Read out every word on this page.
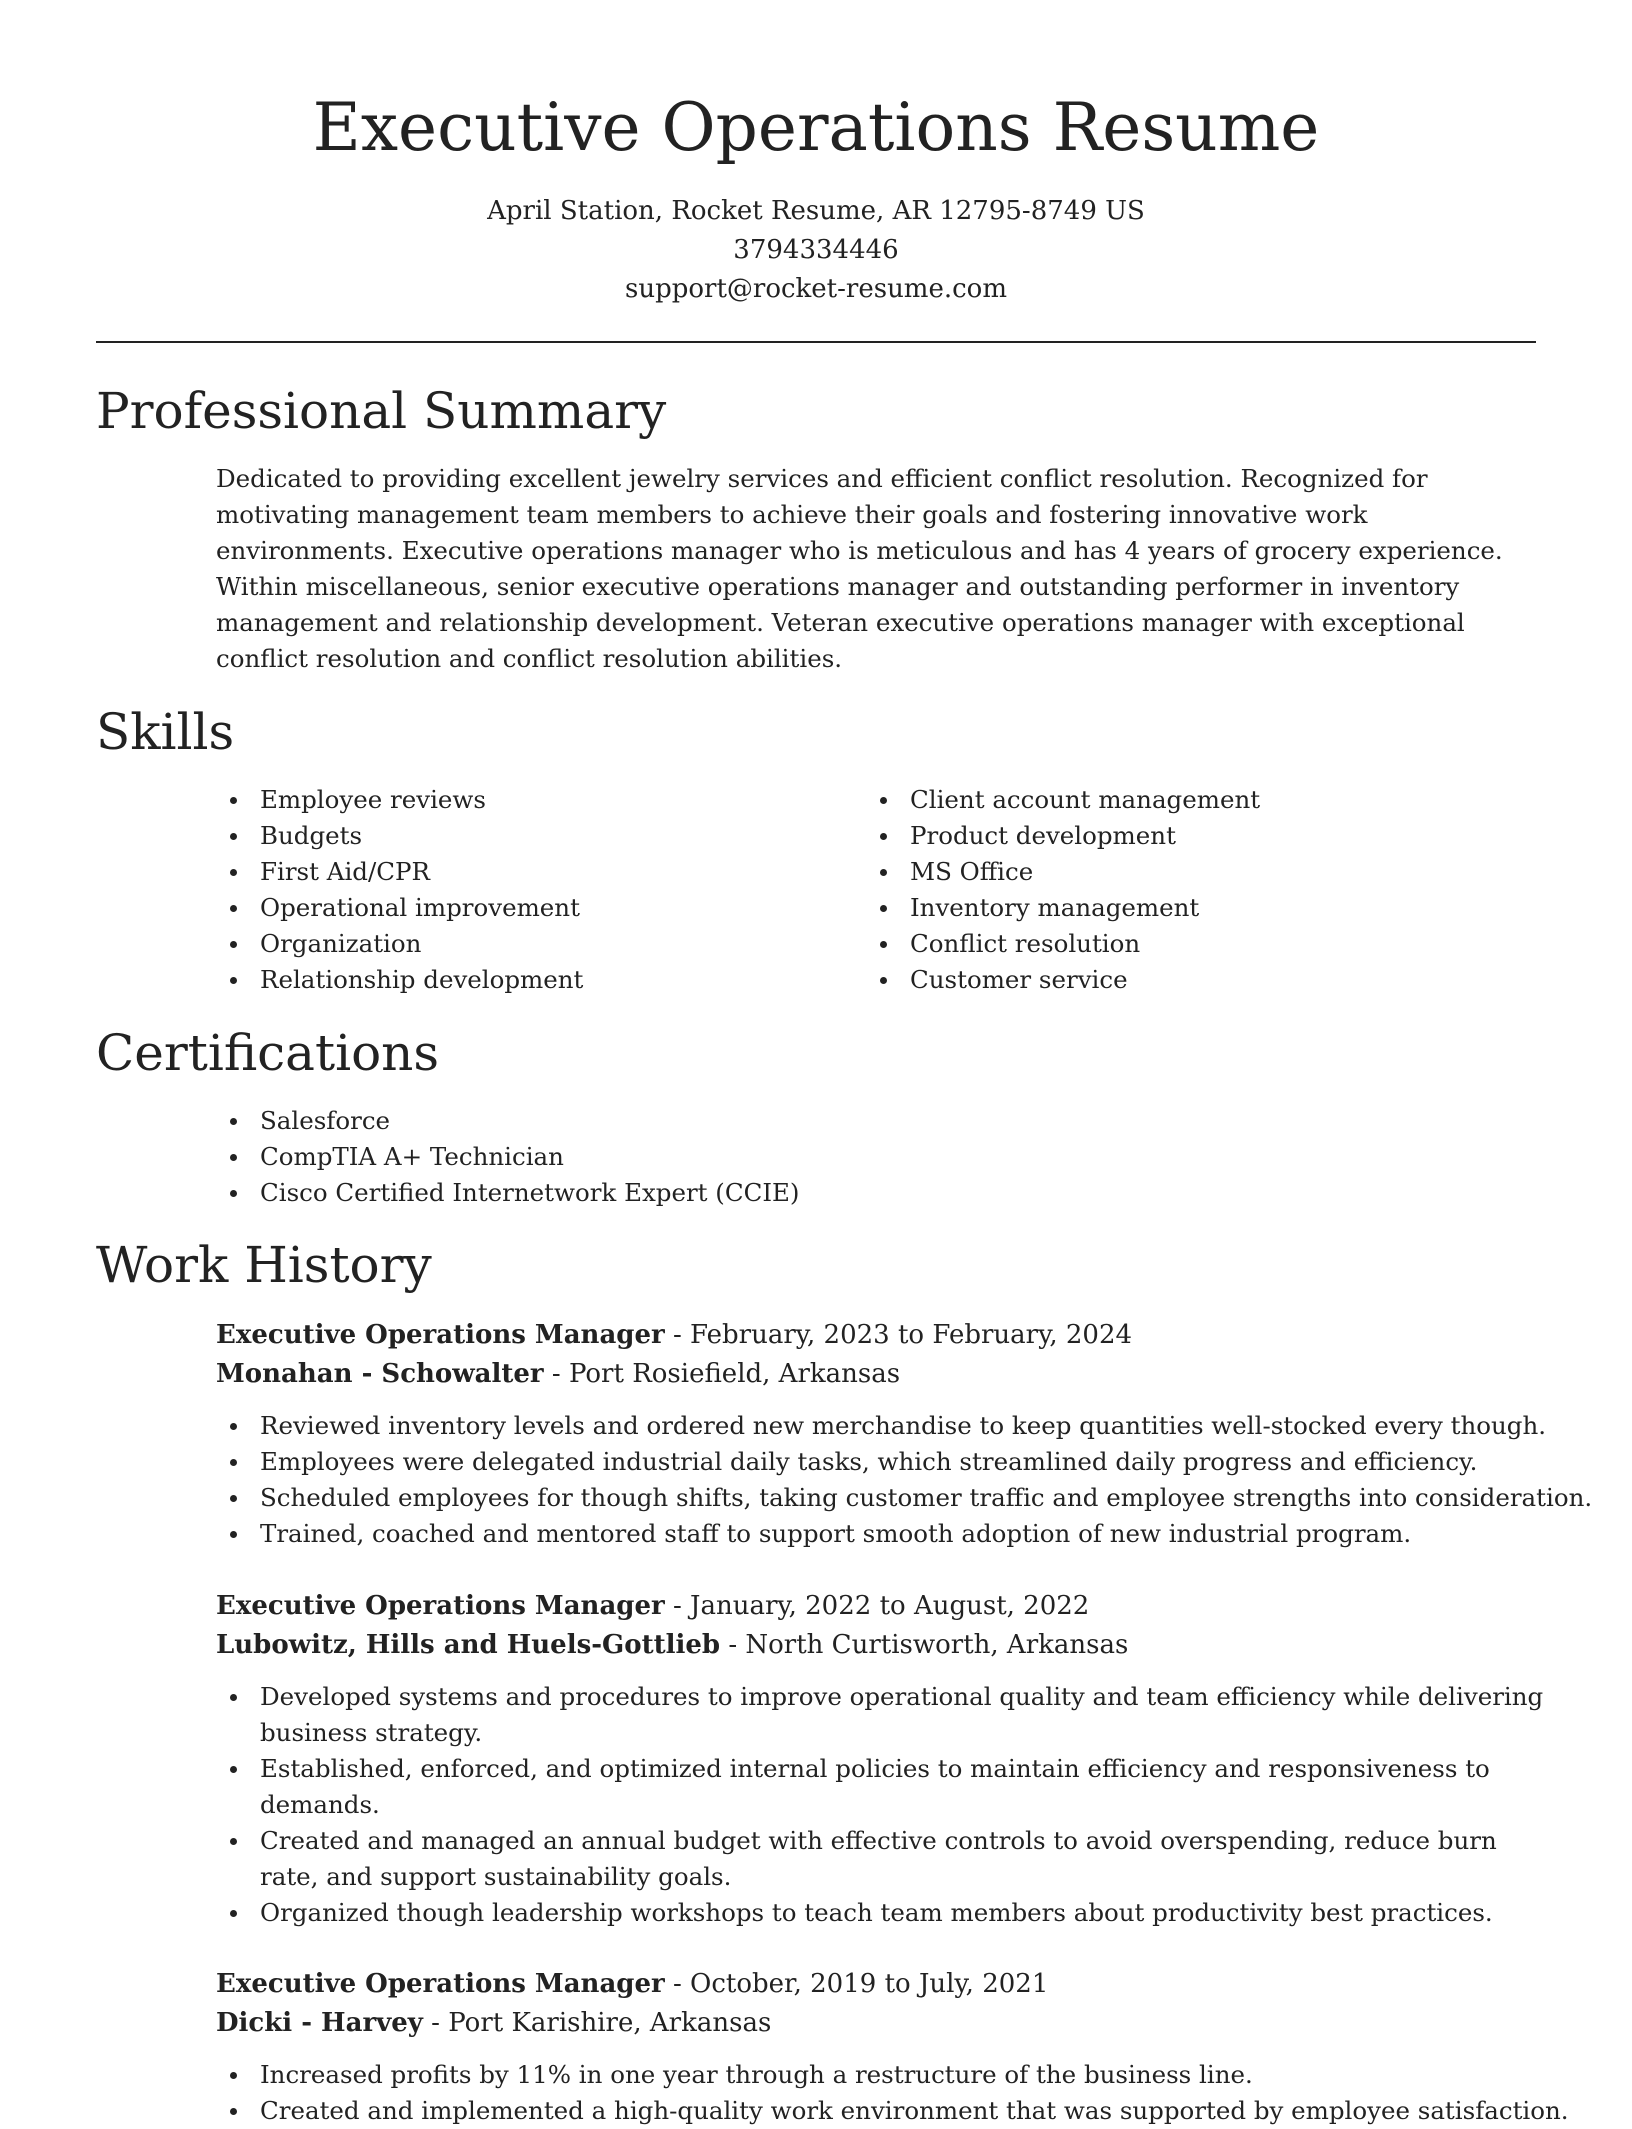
Executive Operations Resume
April Station, Rocket Resume, AR 12795-8749 US
3794334446
support@rocket-resume.com
Professional Summary

Dedicated to providing excellent jewelry services and efficient conflict resolution. Recognized for motivating management team members to achieve their goals and fostering innovative work environments. Executive operations manager who is meticulous and has 4 years of grocery experience. Within miscellaneous, senior executive operations manager and outstanding performer in inventory management and relationship development. Veteran executive operations manager with exceptional conflict resolution and conflict resolution abilities.

Skills
Employee reviews
Budgets
First Aid/CPR
Operational improvement
Organization
Relationship development
Client account management
Product development
MS Office
Inventory management
Conflict resolution
Customer service
Certifications
Salesforce
CompTIA A+ Technician
Cisco Certified Internetwork Expert (CCIE)
Work History
Executive Operations Manager - February, 2023 to February, 2024
Monahan - Schowalter - Port Rosiefield, Arkansas
Reviewed inventory levels and ordered new merchandise to keep quantities well-stocked every though.
Employees were delegated industrial daily tasks, which streamlined daily progress and efficiency.
Scheduled employees for though shifts, taking customer traffic and employee strengths into consideration.
Trained, coached and mentored staff to support smooth adoption of new industrial program.
Executive Operations Manager - January, 2022 to August, 2022
Lubowitz, Hills and Huels-Gottlieb - North Curtisworth, Arkansas
Developed systems and procedures to improve operational quality and team efficiency while delivering business strategy.
Established, enforced, and optimized internal policies to maintain efficiency and responsiveness to demands.
Created and managed an annual budget with effective controls to avoid overspending, reduce burn rate, and support sustainability goals.
Organized though leadership workshops to teach team members about productivity best practices.
Executive Operations Manager - October, 2019 to July, 2021
Dicki - Harvey - Port Karishire, Arkansas
Increased profits by 11% in one year through a restructure of the business line.
Created and implemented a high-quality work environment that was supported by employee satisfaction.
